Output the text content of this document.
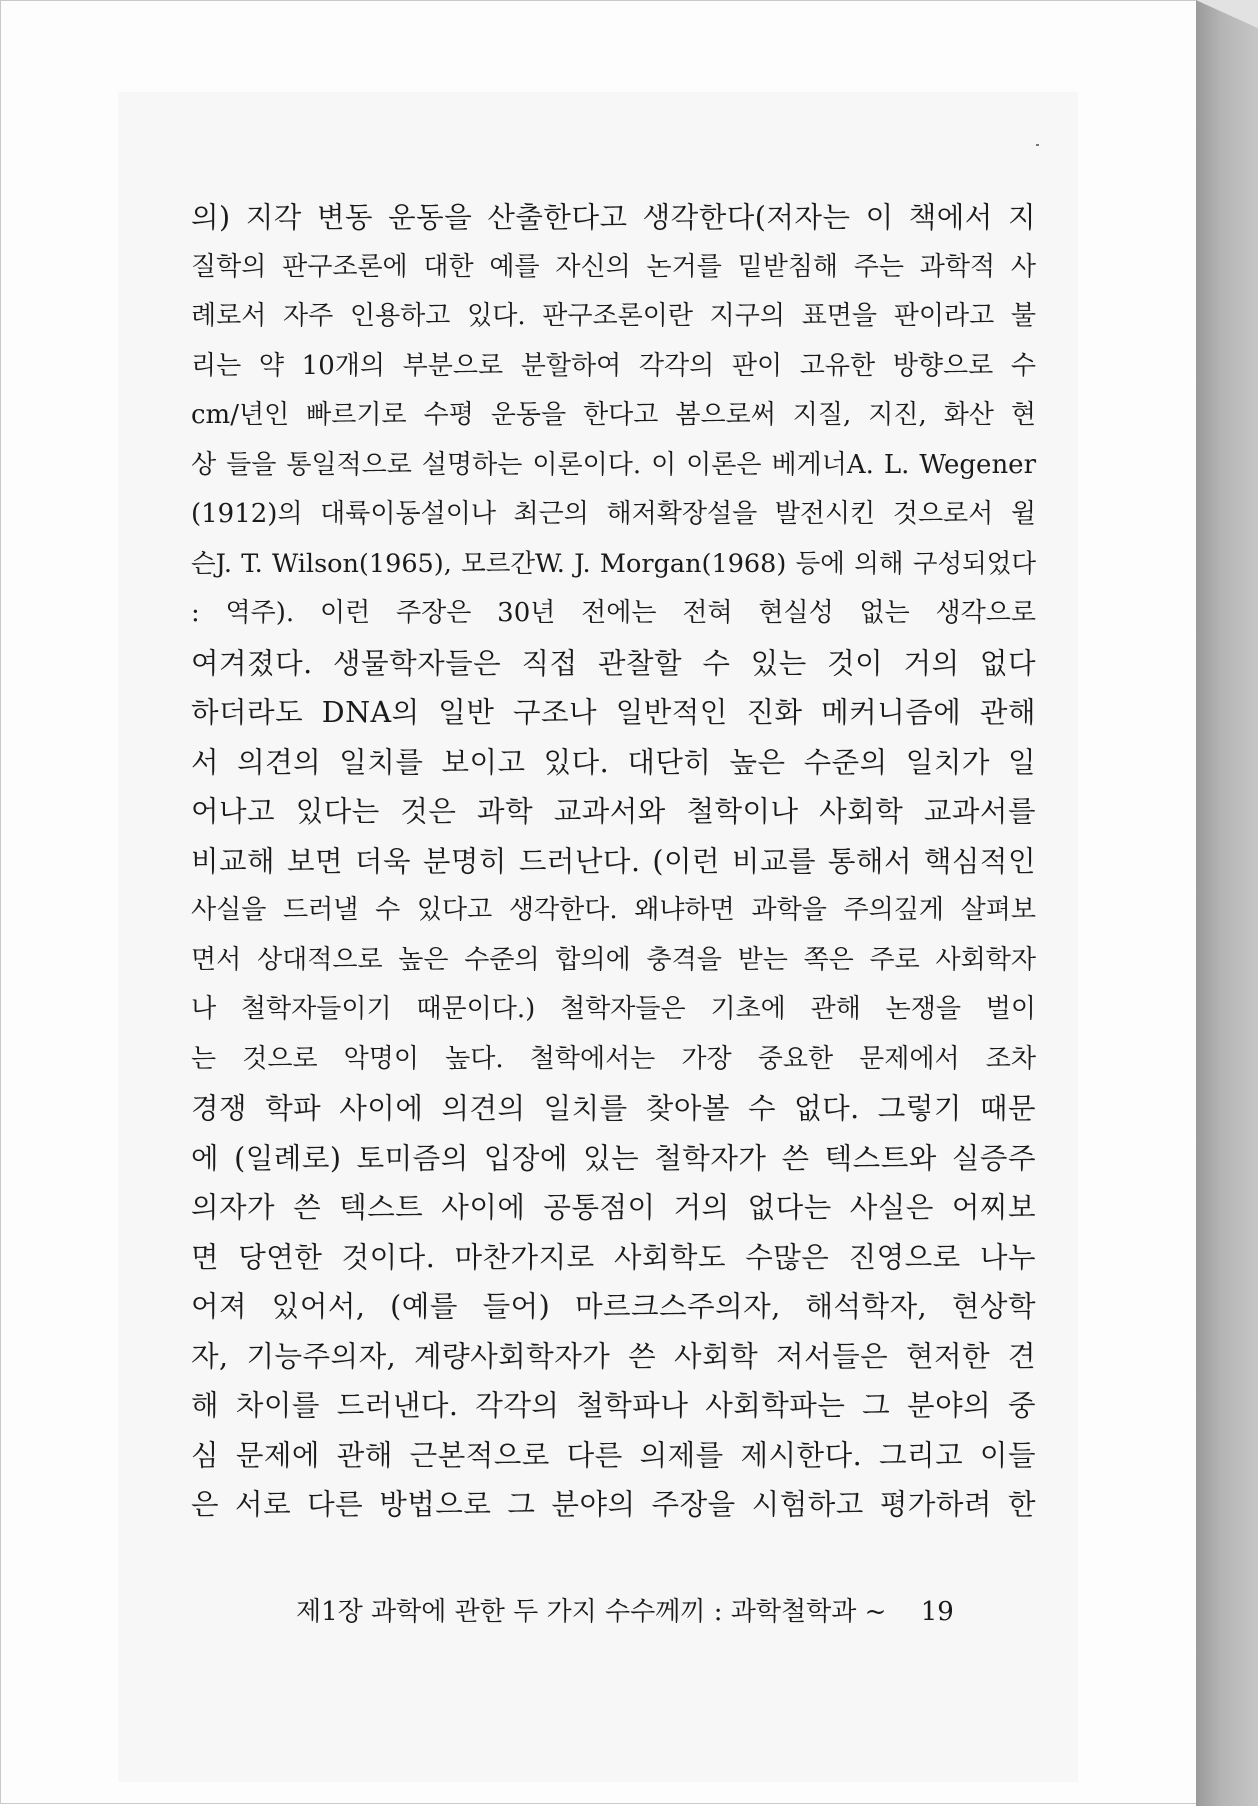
의) 지각 변동 운동을 산출한다고 생각한다(저자는 이 책에서 지
질학의 판구조론에 대한 예를 자신의 논거를 밑받침해 주는 과학적 사
례로서 자주 인용하고 있다. 판구조론이란 지구의 표면을 판이라고 불
리는 약 10개의 부분으로 분할하여 각각의 판이 고유한 방향으로 수
cm/년인 빠르기로 수평 운동을 한다고 봄으로써 지질, 지진, 화산 현
상 들을 통일적으로 설명하는 이론이다. 이 이론은 베게너A. L. Wegener
(1912)의 대륙이동설이나 최근의 해저확장설을 발전시킨 것으로서 윌
슨J. T. Wilson(1965), 모르간W. J. Morgan(1968) 등에 의해 구성되었다
: 역주). 이런 주장은 30년 전에는 전혀 현실성 없는 생각으로
여겨졌다. 생물학자들은 직접 관찰할 수 있는 것이 거의 없다
하더라도 DNA의 일반 구조나 일반적인 진화 메커니즘에 관해
서 의견의 일치를 보이고 있다. 대단히 높은 수준의 일치가 일
어나고 있다는 것은 과학 교과서와 철학이나 사회학 교과서를
비교해 보면 더욱 분명히 드러난다. (이런 비교를 통해서 핵심적인
사실을 드러낼 수 있다고 생각한다. 왜냐하면 과학을 주의깊게 살펴보
면서 상대적으로 높은 수준의 합의에 충격을 받는 쪽은 주로 사회학자
나 철학자들이기 때문이다.) 철학자들은 기초에 관해 논쟁을 벌이
는 것으로 악명이 높다. 철학에서는 가장 중요한 문제에서 조차
경쟁 학파 사이에 의견의 일치를 찾아볼 수 없다. 그렇기 때문
에 (일례로) 토미즘의 입장에 있는 철학자가 쓴 텍스트와 실증주
의자가 쓴 텍스트 사이에 공통점이 거의 없다는 사실은 어찌보
면 당연한 것이다. 마찬가지로 사회학도 수많은 진영으로 나누
어져 있어서, (예를 들어) 마르크스주의자, 해석학자, 현상학
자, 기능주의자, 계량사회학자가 쓴 사회학 저서들은 현저한 견
해 차이를 드러낸다. 각각의 철학파나 사회학파는 그 분야의 중
심 문제에 관해 근본적으로 다른 의제를 제시한다. 그리고 이들
은 서로 다른 방법으로 그 분야의 주장을 시험하고 평가하려 한
제1장 과학에 관한 두 가지 수수께끼 : 과학철학과 ~ 19
